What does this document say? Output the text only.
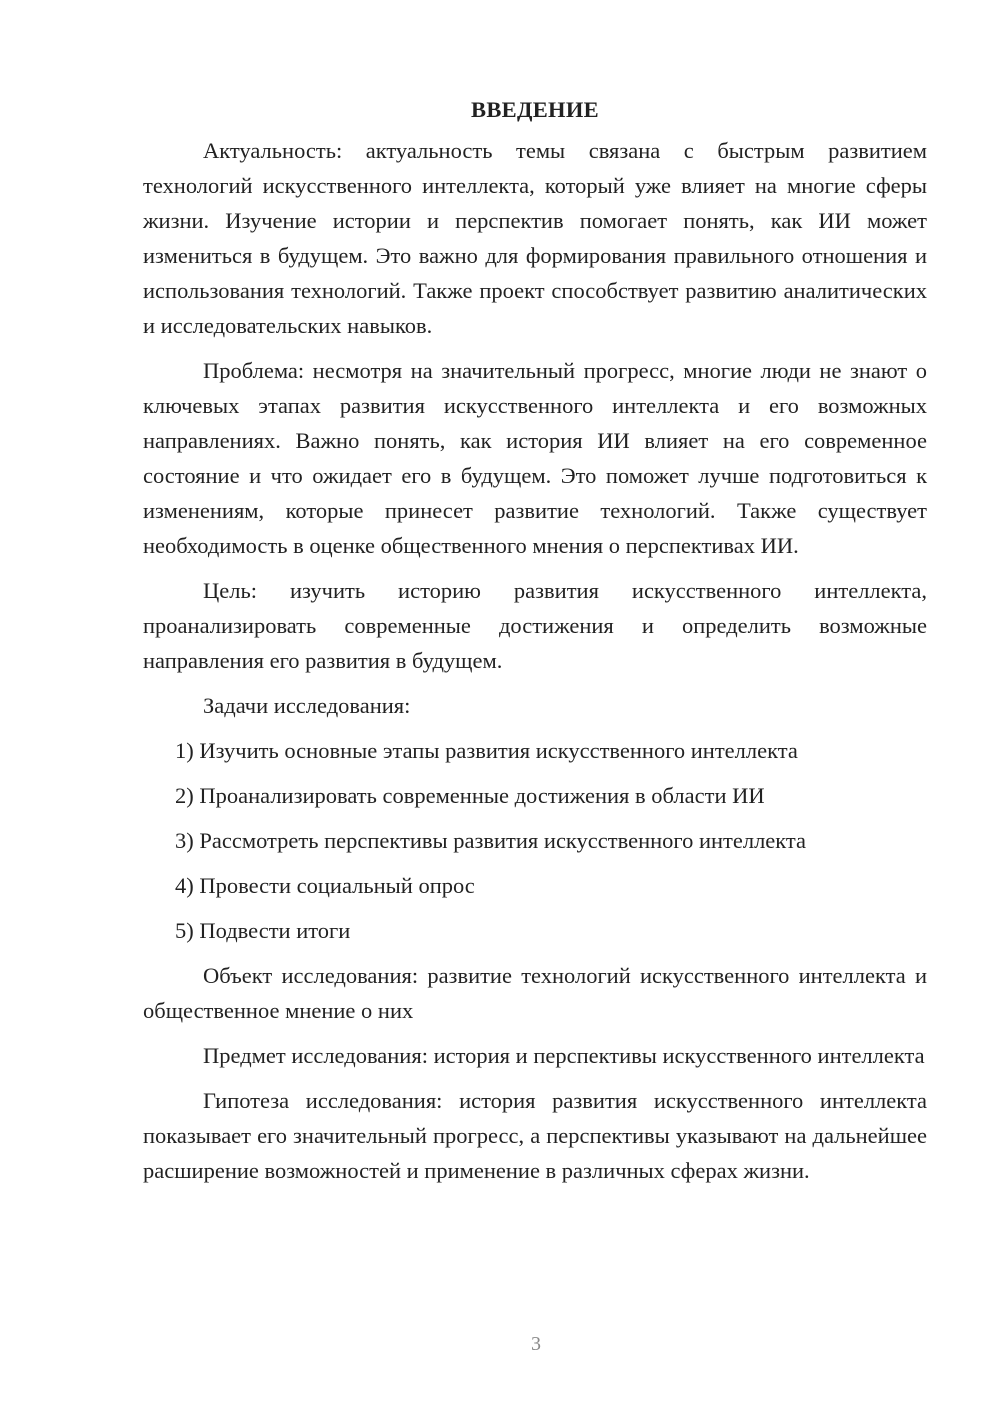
ВВЕДЕНИЕ

Актуальность: актуальность темы связана с быстрым развитием технологий искусственного интеллекта, который уже влияет на многие сферы жизни. Изучение истории и перспектив помогает понять, как ИИ может измениться в будущем. Это важно для формирования правильного отношения и использования технологий. Также проект способствует развитию аналитических и исследовательских навыков.

Проблема: несмотря на значительный прогресс, многие люди не знают о ключевых этапах развития искусственного интеллекта и его возможных направлениях. Важно понять, как история ИИ влияет на его современное состояние и что ожидает его в будущем. Это поможет лучше подготовиться к изменениям, которые принесет развитие технологий. Также существует необходимость в оценке общественного мнения о перспективах ИИ.

Цель: изучить историю развития искусственного интеллекта, проанализировать современные достижения и определить возможные направления его развития в будущем.

Задачи исследования:

1) Изучить основные этапы развития искусственного интеллекта
2) Проанализировать современные достижения в области ИИ
3) Рассмотреть перспективы развития искусственного интеллекта
4) Провести социальный опрос
5) Подвести итоги

Объект исследования: развитие технологий искусственного интеллекта и общественное мнение о них

Предмет исследования: история и перспективы искусственного интеллекта

Гипотеза исследования: история развития искусственного интеллекта показывает его значительный прогресс, а перспективы указывают на дальнейшее расширение возможностей и применение в различных сферах жизни.

3
